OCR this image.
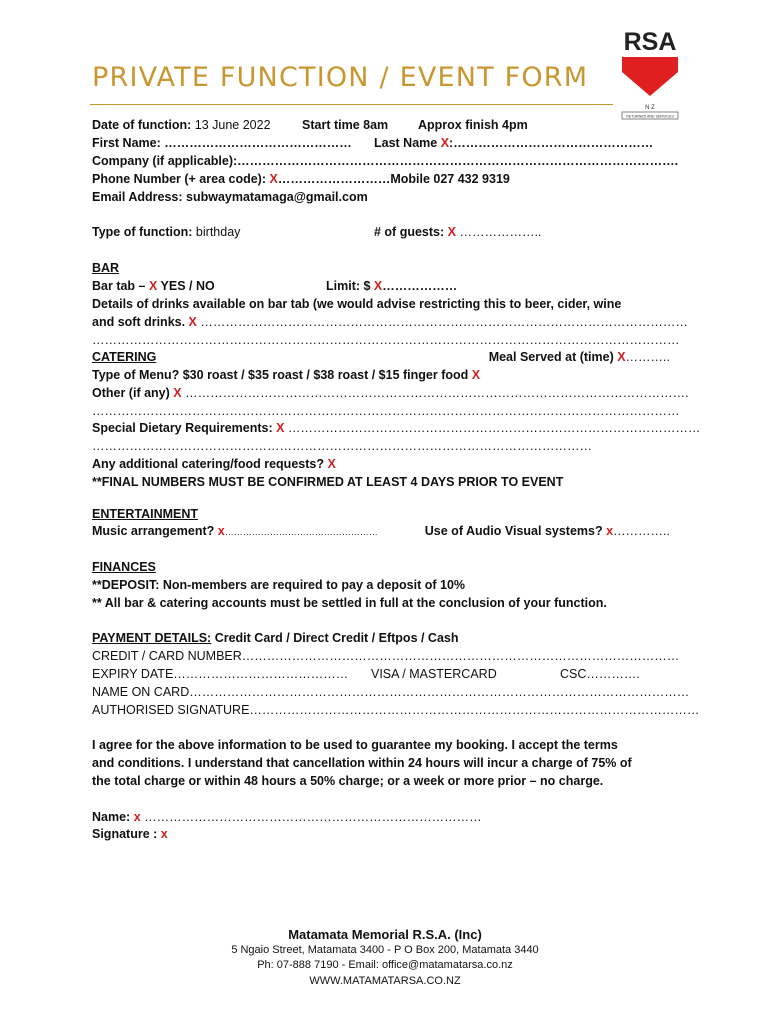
RSA
N Z
RETURNED AND SERVICES
PRIVATE FUNCTION / EVENT FORM
Date of function: 13 June 2022	Start time 8am Approx finish 4pm
First Name: ……………………………………… Last Name X:…………………………………………
Company (if applicable):…………………………………………………………………………………………….
Phone Number (+ area code): X………………………Mobile 027 432 9319
Email Address: subwaymatamaga@gmail.com
Type of function: birthday	# of guests: X ………………..
BAR
Bar tab – X YES / NO	Limit: $ X………………
Details of drinks available on bar tab (we would advise restricting this to beer, cider, wine
and soft drinks. X ………………………………………………………………………………………………………
……………………………………………………………………………………………………………………………
CATERING	Meal Served at (time) X………..
Type of Menu? $30 roast / $35 roast / $38 roast / $15 finger food X
Other (if any) X ………………………………………………………………………………………………………….
……………………………………………………………………………………………………………………………
Special Dietary Requirements: X ………………………………………………………………………………………
…………………………………………………………………………………………………………
Any additional catering/food requests? X
**FINAL NUMBERS MUST BE CONFIRMED AT LEAST 4 DAYS PRIOR TO EVENT
ENTERTAINMENT
Music arrangement? x……………………………………………	Use of Audio Visual systems? x…………..
FINANCES
**DEPOSIT: Non-members are required to pay a deposit of 10%
** All bar & catering accounts must be settled in full at the conclusion of your function.
PAYMENT DETAILS: Credit Card / Direct Credit / Eftpos / Cash
CREDIT / CARD NUMBER……………………………………………………………………………………………
EXPIRY DATE…………………………………… VISA / MASTERCARD	CSC………….
NAME ON CARD…………………………………………………………………………………………………………
AUTHORISED SIGNATURE………………………………………………………………………………………………
I agree for the above information to be used to guarantee my booking. I accept the terms
and conditions. I understand that cancellation within 24 hours will incur a charge of 75% of
the total charge or within 48 hours a 50% charge; or a week or more prior – no charge.
Name: x ………………………………………………………………………
Signature : x
Matamata Memorial R.S.A. (Inc)
5 Ngaio Street, Matamata 3400 - P O Box 200, Matamata 3440
Ph: 07-888 7190 - Email: office@matamatarsa.co.nz
WWW.MATAMATARSA.CO.NZ
